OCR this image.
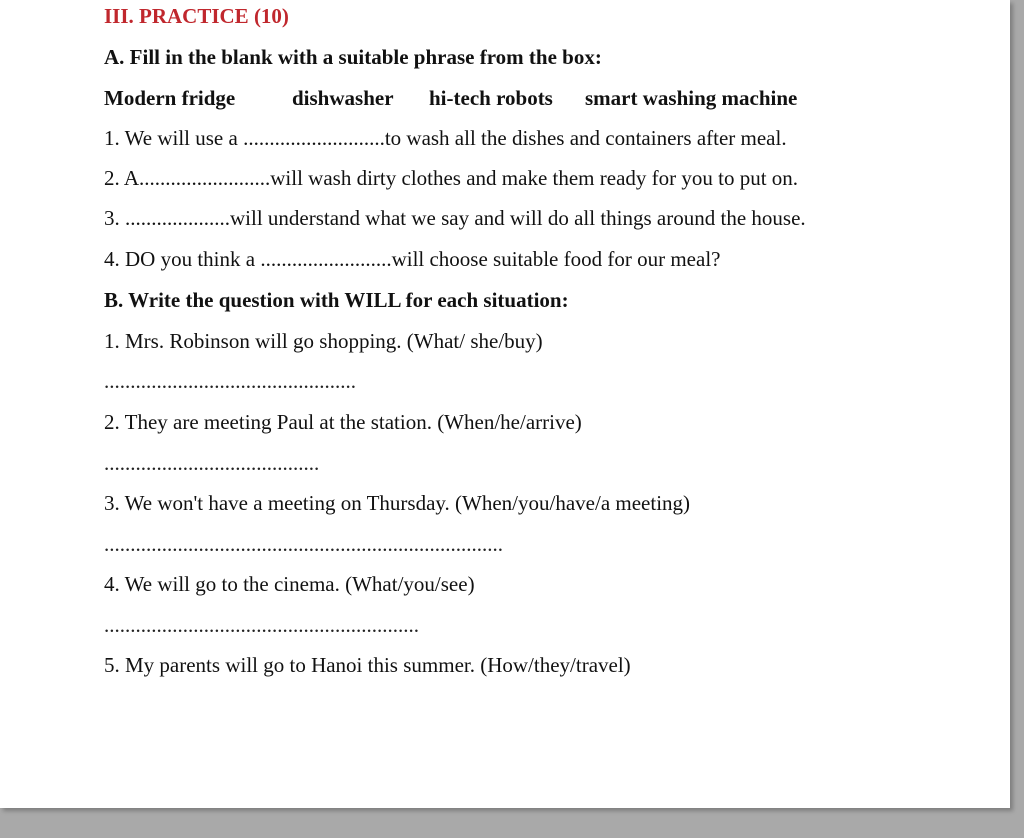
III. PRACTICE (10)
A. Fill in the blank with a suitable phrase from the box:
Modern fridge	dishwasher hi-tech robots smart washing machine
1. We will use a ...........................to wash all the dishes and containers after meal.
2. A.........................will wash dirty clothes and make them ready for you to put on.
3. ....................will understand what we say and will do all things around the house.
4. DO you think a .........................will choose suitable food for our meal?
B. Write the question with WILL for each situation:
1. Mrs. Robinson will go shopping. (What/ she/buy)
................................................
2. They are meeting Paul at the station. (When/he/arrive)
.........................................
3. We won't have a meeting on Thursday. (When/you/have/a meeting)
............................................................................
4. We will go to the cinema. (What/you/see)
............................................................
5. My parents will go to Hanoi this summer. (How/they/travel)
